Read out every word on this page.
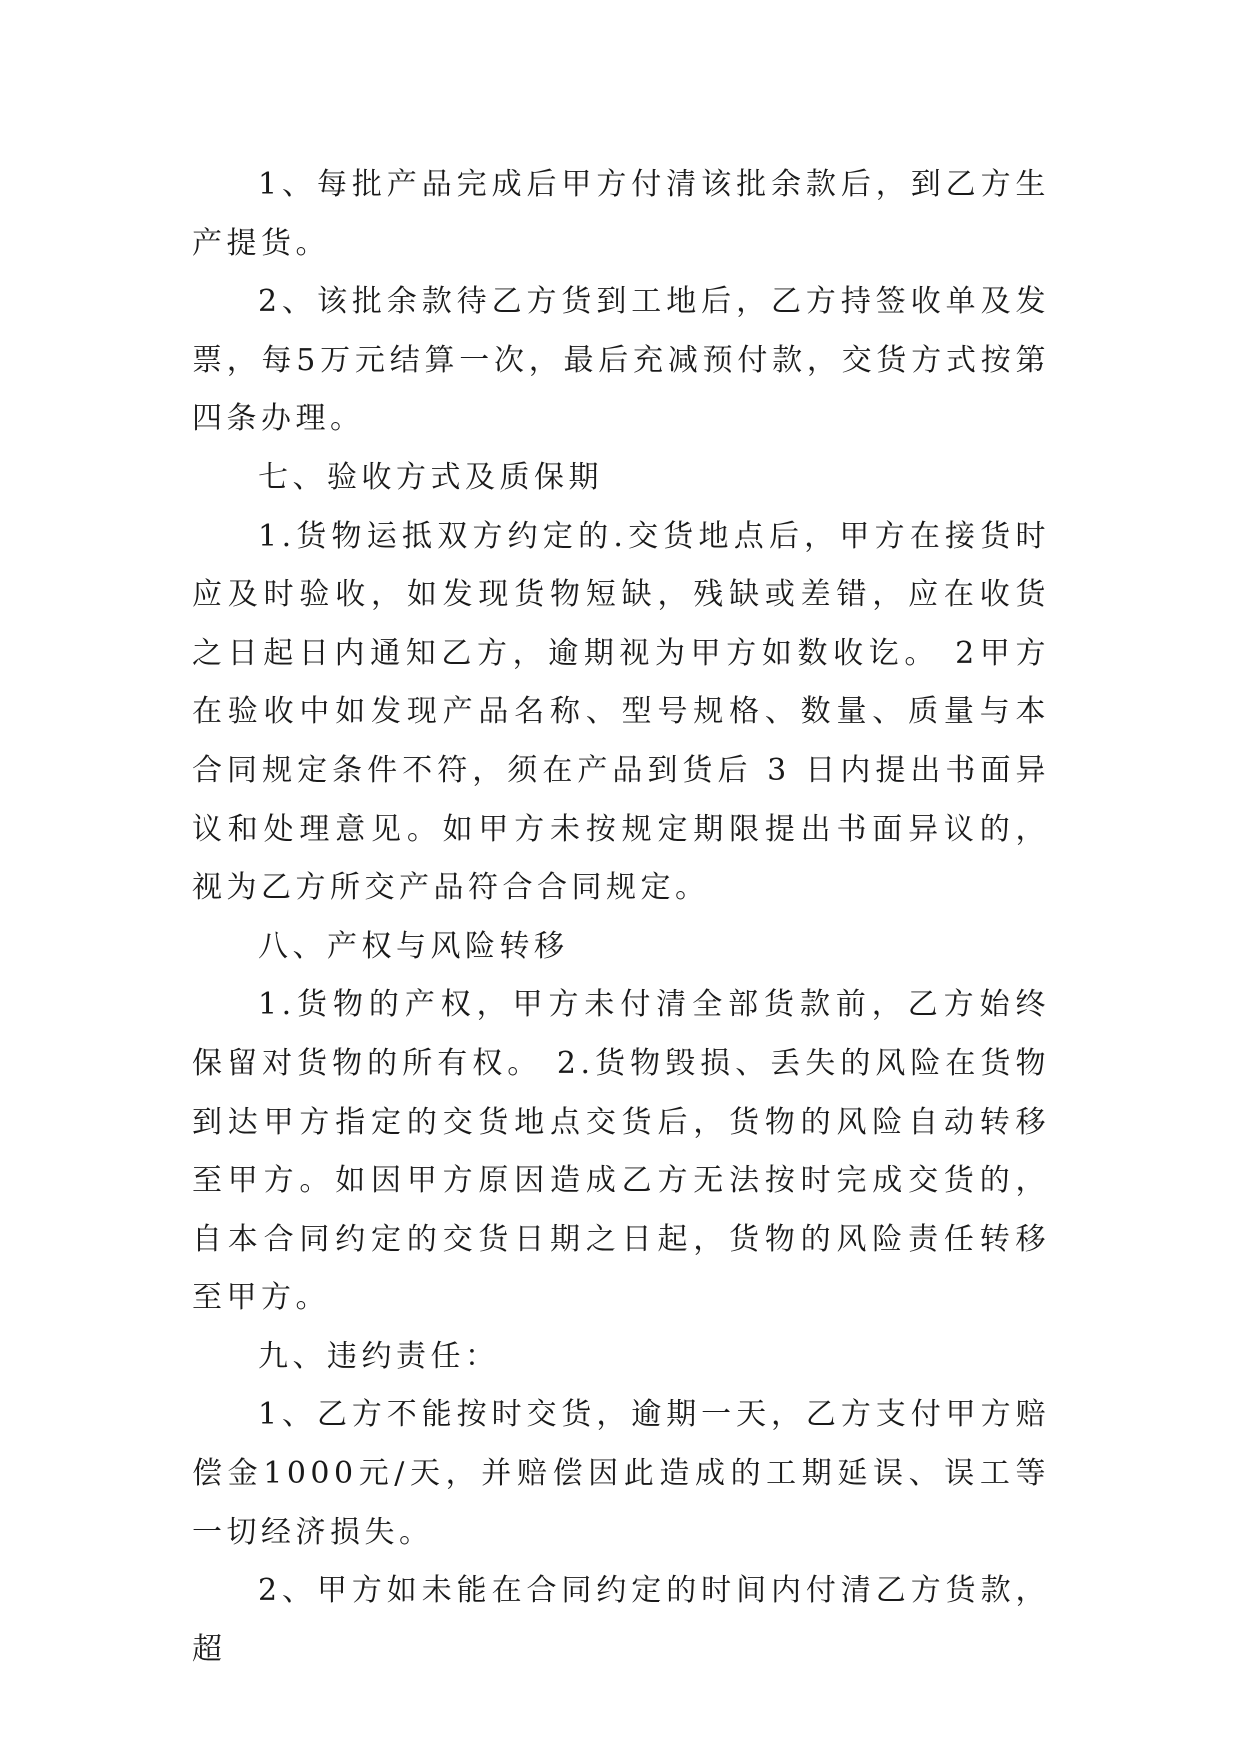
1、每批产品完成后甲方付清该批余款后，到乙方生产提货。

2、该批余款待乙方货到工地后，乙方持签收单及发票，每5万元结算一次，最后充减预付款，交货方式按第四条办理。

七、验收方式及质保期

1.货物运抵双方约定的.交货地点后，甲方在接货时应及时验收，如发现货物短缺，残缺或差错，应在收货之日起日内通知乙方，逾期视为甲方如数收讫。 2甲方在验收中如发现产品名称、型号规格、数量、质量与本合同规定条件不符，须在产品到货后 3 日内提出书面异议和处理意见。如甲方未按规定期限提出书面异议的，视为乙方所交产品符合合同规定。

八、产权与风险转移

1.货物的产权，甲方未付清全部货款前，乙方始终保留对货物的所有权。 2.货物毁损、丢失的风险在货物到达甲方指定的交货地点交货后，货物的风险自动转移至甲方。如因甲方原因造成乙方无法按时完成交货的，自本合同约定的交货日期之日起，货物的风险责任转移至甲方。

九、违约责任：

1、乙方不能按时交货，逾期一天，乙方支付甲方赔偿金1000元/天，并赔偿因此造成的工期延误、误工等一切经济损失。

2、甲方如未能在合同约定的时间内付清乙方货款，超
